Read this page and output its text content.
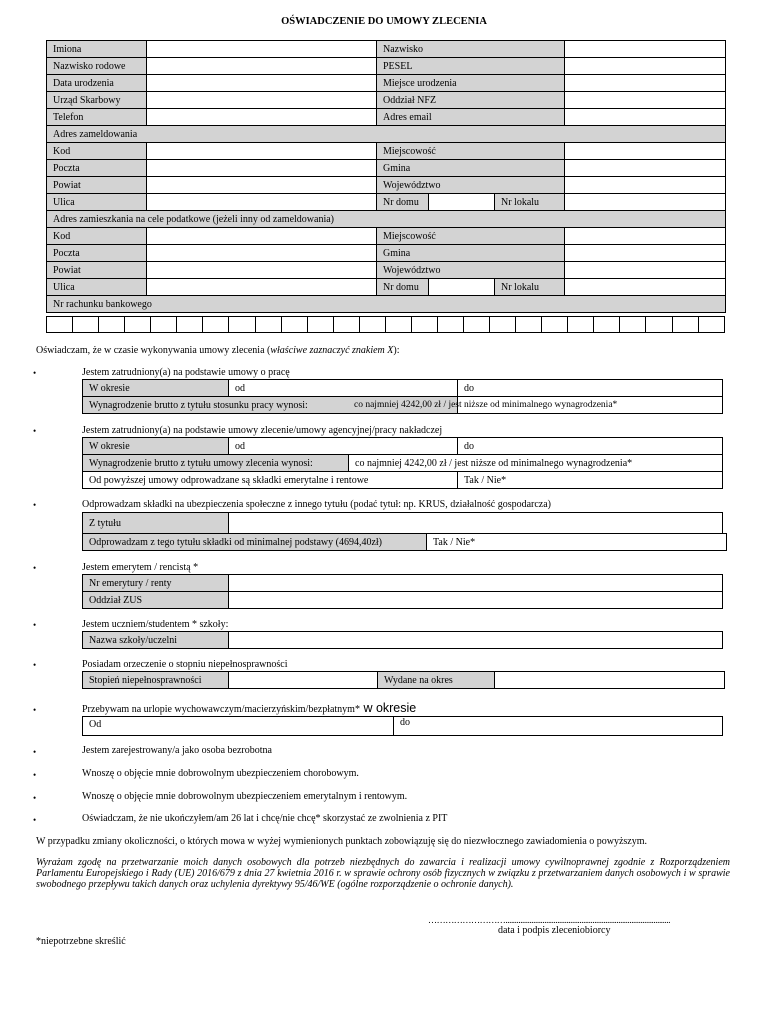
OŚWIADCZENIE DO UMOWY ZLECENIA
Imiona		Nazwisko			
Nazwisko rodowe		PESEL			
Data urodzenia		Miejsce urodzenia			
Urząd Skarbowy		Oddział NFZ			
Telefon		Adres email			
Adres zameldowania					
Kod		Miejscowość			
Poczta		Gmina			
Powiat		Województwo			
Ulica		Nr domu		Nr lokalu	
Adres zamieszkania na cele podatkowe (jeżeli inny od zameldowania)					
Kod		Miejscowość			
Poczta		Gmina			
Powiat		Województwo			
Ulica		Nr domu		Nr lokalu	
Nr rachunku bankowego					

Oświadczam, że w czasie wykonywania umowy zlecenia (właściwe zaznaczyć znakiem X):
•	Jestem zatrudniony(a) na podstawie umowy o pracę
W okresie	od	do
Wynagrodzenie brutto z tytułu stosunku pracy wynosi:			co najmniej 4242,00 zł / jest niższe od minimalnego wynagrodzenia*
•	Jestem zatrudniony(a) na podstawie umowy zlecenie/umowy agencyjnej/pracy nakładczej
W okresie	od		do
Wynagrodzenie brutto z tytułu umowy zlecenia wynosi:		co najmniej 4242,00 zł / jest niższe od minimalnego wynagrodzenia*	
Od powyższej umowy odprowadzane są składki emerytalne i rentowe			Tak / Nie*
•	Odprowadzam składki na ubezpieczenia społeczne z innego tytułu (podać tytuł: np. KRUS, działalność gospodarcza)
Z tytułu	
Odprowadzam z tego tytułu składki od minimalnej podstawy (4694,40zł)	Tak / Nie*
•	Jestem emerytem / rencistą *
Nr emerytury / renty	
Oddział ZUS	
•	Jestem uczniem/studentem * szkoły:
Nazwa szkoły/uczelni	
•	Posiadam orzeczenie o stopniu niepełnosprawności
Stopień niepełnosprawności		Wydane na okres	
•	Przebywam na urlopie wychowawczym/macierzyńskim/bezpłatnym* w okresie
Od	do
•	Jestem zarejestrowany/a jako osoba bezrobotna
•	Wnoszę o objęcie mnie dobrowolnym ubezpieczeniem chorobowym.
•	Wnoszę o objęcie mnie dobrowolnym ubezpieczeniem emerytalnym i rentowym.
•	Oświadczam, że nie ukończyłem/am 26 lat i chcę/nie chcę* skorzystać ze zwolnienia z PIT
W przypadku zmiany okoliczności, o których mowa w wyżej wymienionych punktach zobowiązuję się do niezwłocznego zawiadomienia o powyższym.
Wyrażam zgodę na przetwarzanie moich danych osobowych dla potrzeb niezbędnych do zawarcia i realizacji umowy cywilnoprawnej zgodnie z Rozporządzeniem Parlamentu Europejskiego i Rady (UE) 2016/679 z dnia 27 kwietnia 2016 r. w sprawie ochrony osób fizycznych w związku z przetwarzaniem danych osobowych i w sprawie swobodnego przepływu takich danych oraz uchylenia dyrektywy 95/46/WE (ogólne rozporządzenie o ochronie danych).
……………………….........................................................................................
data i podpis zleceniobiorcy
*niepotrzebne skreślić
